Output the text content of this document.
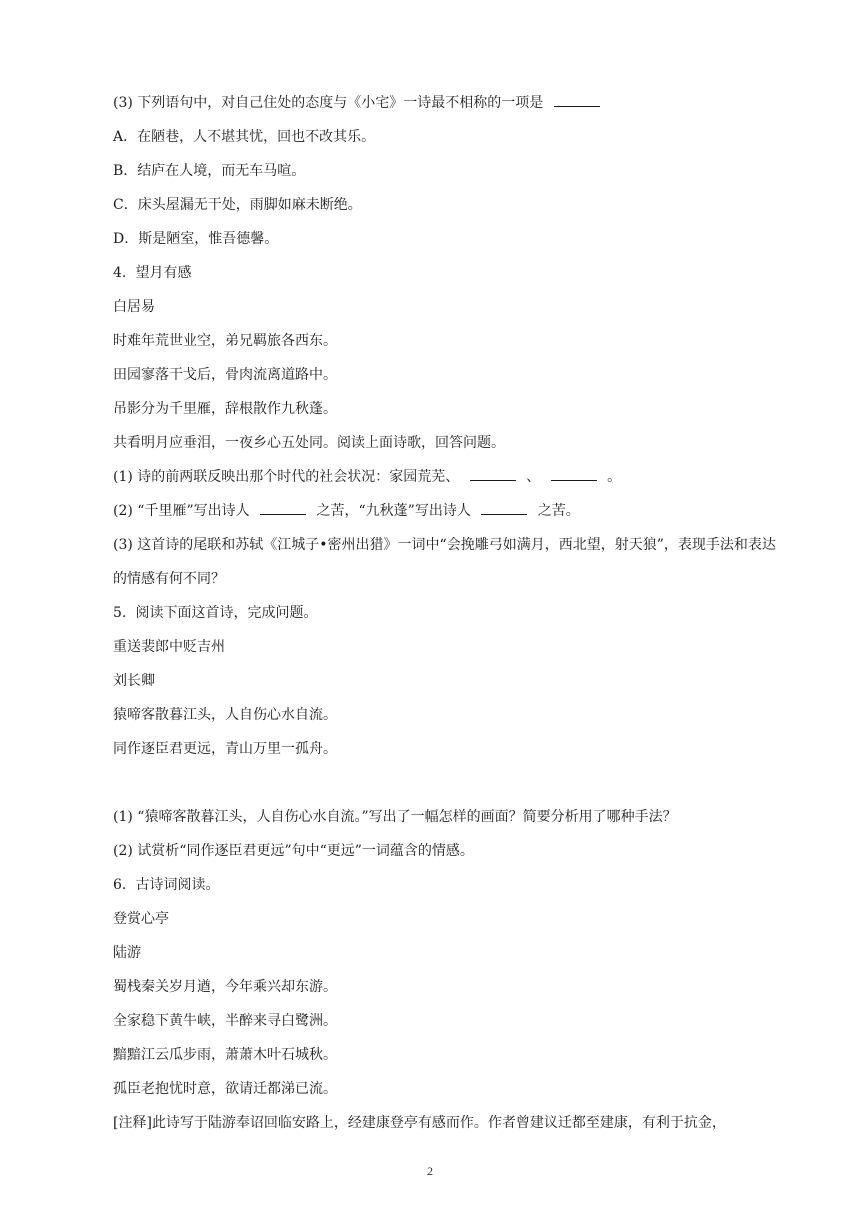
(3) 下列语句中，对自己住处的态度与《小宅》一诗最不相称的一项是
A．在陋巷，人不堪其忧，回也不改其乐。
B．结庐在人境，而无车马喧。
C．床头屋漏无干处，雨脚如麻未断绝。
D．斯是陋室，惟吾德馨。
4. 望月有感
白居易
时难年荒世业空，弟兄羁旅各西东。
田园寥落干戈后，骨肉流离道路中。
吊影分为千里雁，辞根散作九秋蓬。
共看明月应垂泪，一夜乡心五处同。阅读上面诗歌，回答问题。
(1) 诗的前两联反映出那个时代的社会状况：家园荒芜、	、	。
(2) “千里雁”写出诗人	之苦，“九秋蓬”写出诗人	之苦。
(3) 这首诗的尾联和苏轼《江城子•密州出猎》一词中“会挽雕弓如满月，西北望，射天狼”，表现手法和表达的情感有何不同？
5. 阅读下面这首诗，完成问题。
重送裴郎中贬吉州
刘长卿
猿啼客散暮江头，人自伤心水自流。
同作逐臣君更远，青山万里一孤舟。
(1) “猿啼客散暮江头，人自伤心水自流。”写出了一幅怎样的画面？简要分析用了哪种手法？
(2) 试赏析“同作逐臣君更远”句中“更远”一词蕴含的情感。
6. 古诗词阅读。
登赏心亭
陆游
蜀栈秦关岁月遒，今年乘兴却东游。
全家稳下黄牛峡，半醉来寻白鹭洲。
黯黯江云瓜步雨，萧萧木叶石城秋。
孤臣老抱忧时意，欲请迁都涕已流。
[注释]此诗写于陆游奉诏回临安路上，经建康登亭有感而作。作者曾建议迁都至建康，有利于抗金，
2
